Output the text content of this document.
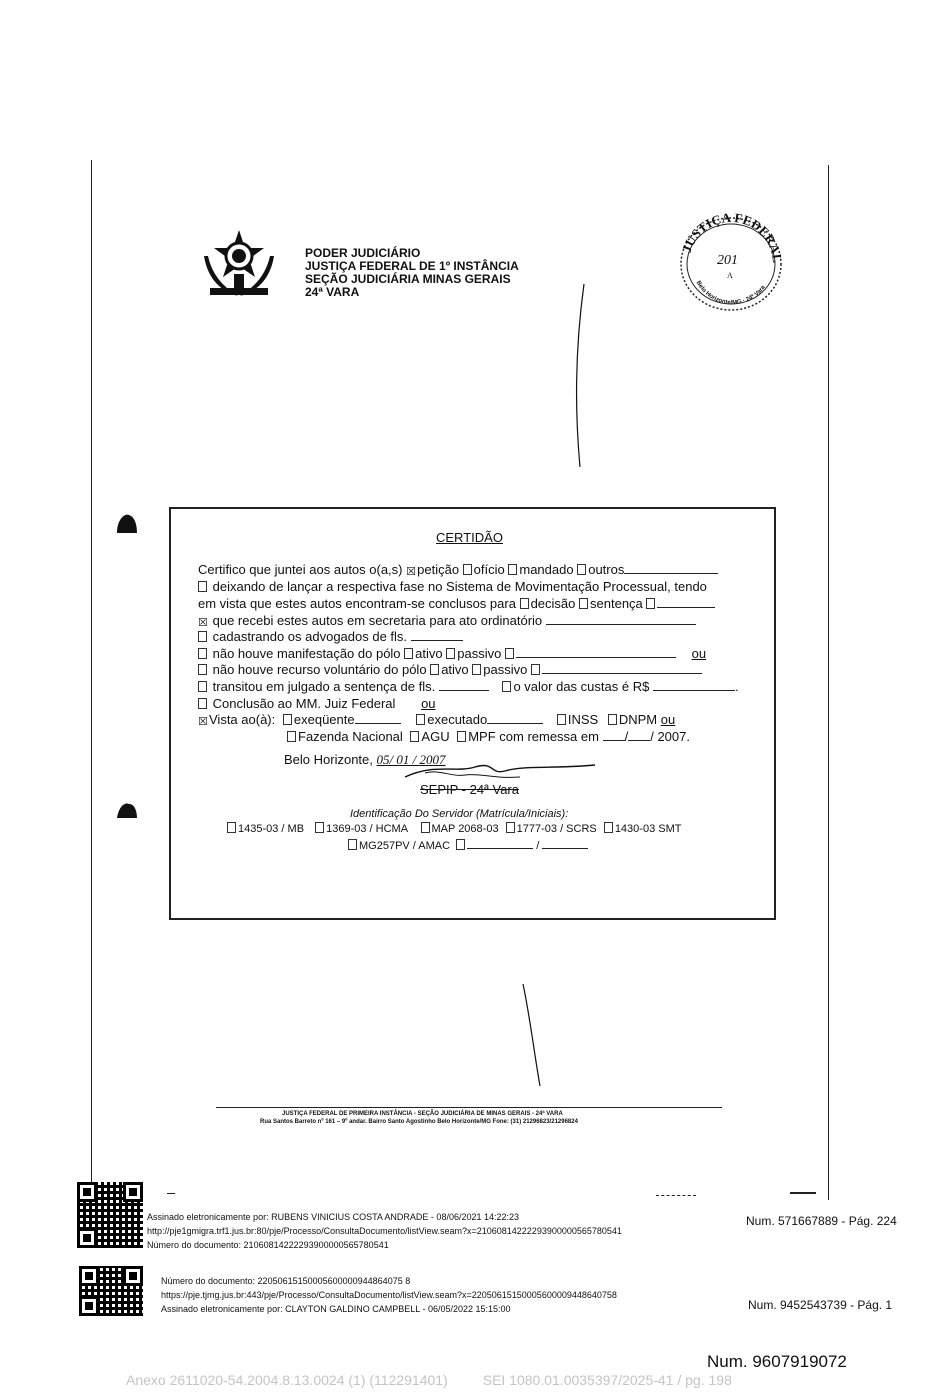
PODER JUDICIÁRIO
JUSTIÇA FEDERAL DE 1º INSTÂNCIA
SEÇÃO JUDICIÁRIA MINAS GERAIS
24ª VARA
JUSTIÇA FEDERAL
Belo Horizonte/MG · 24ª Vara
201
A
CERTIDÃO
Certifico que juntei aos autos o(a,s) ☒petição ofício mandado outros
deixando de lançar a respectiva fase no Sistema de Movimentação Processual, tendo
em vista que estes autos encontram-se conclusos para decisão sentença
☒ que recebi estes autos em secretaria para ato ordinatório
cadastrando os advogados de fls.
não houve manifestação do pólo ativo passivo	ou
não houve recurso voluntário do pólo ativo passivo
transitou em julgado a sentença de fls.	o valor das custas é R$	.
Conclusão ao MM. Juiz Federal ou
☒Vista ao(à): exeqüente	executado	INSS DNPM ou
Fazenda Nacional AGU MPF com remessa em / / 2007.
Belo Horizonte, 05/ 01 / 2007
SEPIP - 24ª Vara
Identificação Do Servidor (Matrícula/Iniciais):
1435-03 / MB 1369-03 / HCMA MAP 2068-03 1777-03 / SCRS 1430-03 SMT
MG257PV / AMAC	/
JUSTIÇA FEDERAL DE PRIMEIRA INSTÂNCIA - SEÇÃO JUDICIÁRIA DE MINAS GERAIS - 24ª VARA
Rua Santos Barreto nº 161 – 9º andar. Bairro Santo Agostinho Belo Horizonte/MG Fone: (31) 21296823/21296824
Assinado eletronicamente por: RUBENS VINICIUS COSTA ANDRADE - 08/06/2021 14:22:23
http://pje1gmigra.trf1.jus.br:80/pje/Processo/ConsultaDocumento/listView.seam?x=21060814222293900000565780541
Número do documento: 21060814222293900000565780541
Num. 571667889 - Pág. 224
Número do documento: 22050615150005600000944864075 8
https://pje.tjmg.jus.br:443/pje/Processo/ConsultaDocumento/listView.seam?x=22050615150005600009448640758
Assinado eletronicamente por: CLAYTON GALDINO CAMPBELL - 06/05/2022 15:15:00	Num. 9452543739 - Pág. 1
Num. 9607919072
Anexo 2611020-54.2004.8.13.0024 (1) (112291401)         SEI 1080.01.0035397/2025-41 / pg. 198
